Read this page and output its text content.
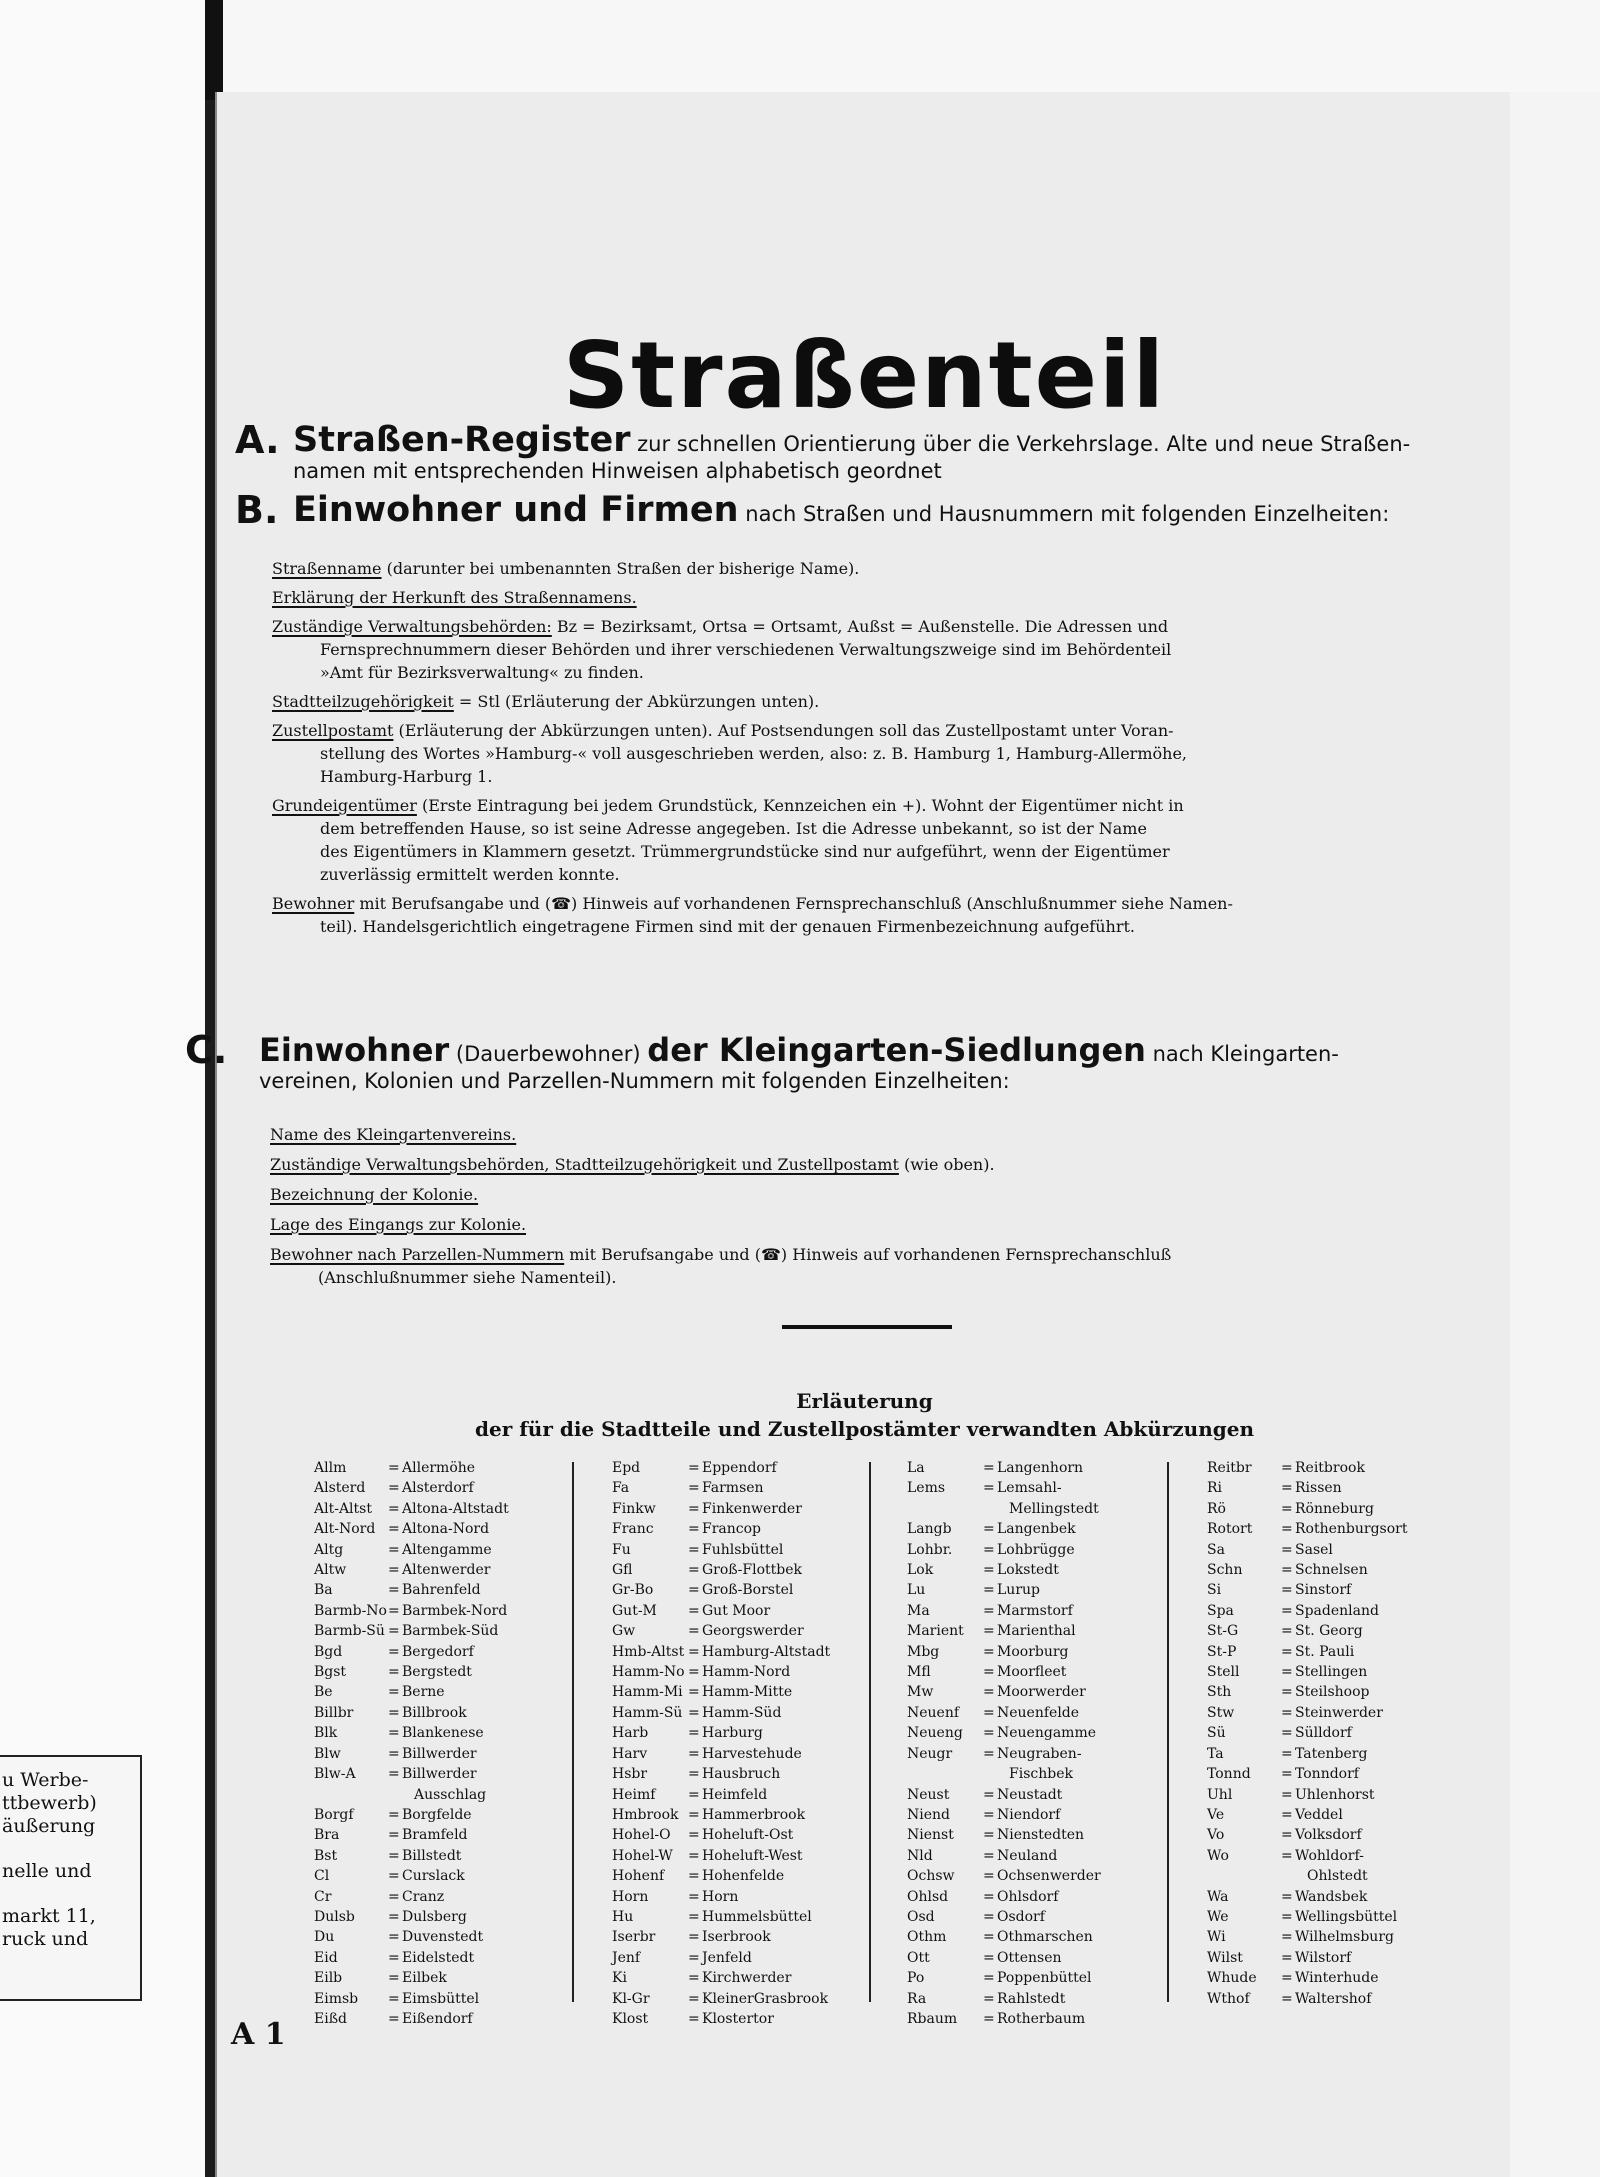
u Werbe-
ttbewerb)
äußerung
nelle und
markt 11,
ruck und
Straßenteil
A. Straßen-Register zur schnellen Orientierung über die Verkehrslage. Alte und neue Straßen-
namen mit entsprechenden Hinweisen alphabetisch geordnet
B. Einwohner und Firmen nach Straßen und Hausnummern mit folgenden Einzelheiten:
Straßenname (darunter bei umbenannten Straßen der bisherige Name).
Erklärung der Herkunft des Straßennamens.
Zuständige Verwaltungsbehörden: Bz = Bezirksamt, Ortsa = Ortsamt, Außst = Außenstelle. Die Adressen und
Fernsprechnummern dieser Behörden und ihrer verschiedenen Verwaltungszweige sind im Behördenteil
»Amt für Bezirksverwaltung« zu finden.
Stadtteilzugehörigkeit = Stl (Erläuterung der Abkürzungen unten).
Zustellpostamt (Erläuterung der Abkürzungen unten). Auf Postsendungen soll das Zustellpostamt unter Voran-
stellung des Wortes »Hamburg-« voll ausgeschrieben werden, also: z. B. Hamburg 1, Hamburg-Allermöhe,
Hamburg-Harburg 1.
Grundeigentümer (Erste Eintragung bei jedem Grundstück, Kennzeichen ein +). Wohnt der Eigentümer nicht in
dem betreffenden Hause, so ist seine Adresse angegeben. Ist die Adresse unbekannt, so ist der Name
des Eigentümers in Klammern gesetzt. Trümmergrundstücke sind nur aufgeführt, wenn der Eigentümer
zuverlässig ermittelt werden konnte.
Bewohner mit Berufsangabe und (☎) Hinweis auf vorhandenen Fernsprechanschluß (Anschlußnummer siehe Namen-
teil). Handelsgerichtlich eingetragene Firmen sind mit der genauen Firmenbezeichnung aufgeführt.
C. Einwohner (Dauerbewohner) der Kleingarten-Siedlungen nach Kleingarten-
vereinen, Kolonien und Parzellen-Nummern mit folgenden Einzelheiten:
Name des Kleingartenvereins.
Zuständige Verwaltungsbehörden, Stadtteilzugehörigkeit und Zustellpostamt (wie oben).
Bezeichnung der Kolonie.
Lage des Eingangs zur Kolonie.
Bewohner nach Parzellen-Nummern mit Berufsangabe und (☎) Hinweis auf vorhandenen Fernsprechanschluß
(Anschlußnummer siehe Namenteil).
Erläuterung
der für die Stadtteile und Zustellpostämter verwandten Abkürzungen
Allm	= Allermöhe
Alsterd	= Alsterdorf
Alt-Altst	= Altona-Altstadt
Alt-Nord = Altona-Nord
Altg	= Altengamme
Altw	= Altenwerder
Ba	= Bahrenfeld
Barmb-No = Barmbek-Nord
Barmb-Sü = Barmbek-Süd
Bgd	= Bergedorf
Bgst	= Bergstedt
Be	= Berne
Billbr	= Billbrook
Blk	= Blankenese
Blw	= Billwerder
Blw-A	= Billwerder
Ausschlag
Borgf	= Borgfelde
Bra	= Bramfeld
Bst	= Billstedt
Cl	= Curslack
Cr	= Cranz
Dulsb	= Dulsberg
Du	= Duvenstedt
Eid	= Eidelstedt
Eilb	= Eilbek
Eimsb	= Eimsbüttel
Eißd	= Eißendorf
Epd	= Eppendorf
Fa	= Farmsen
Finkw	= Finkenwerder
Franc	= Francop
Fu	= Fuhlsbüttel
Gfl	= Groß-Flottbek
Gr-Bo	= Groß-Borstel
Gut-M	= Gut Moor
Gw	= Georgswerder
Hmb-Altst = Hamburg-Altstadt
Hamm-No = Hamm-Nord
Hamm-Mi = Hamm-Mitte
Hamm-Sü = Hamm-Süd
Harb	= Harburg
Harv	= Harvestehude
Hsbr	= Hausbruch
Heimf	= Heimfeld
Hmbrook = Hammerbrook
Hohel-O	= Hoheluft-Ost
Hohel-W	= Hoheluft-West
Hohenf	= Hohenfelde
Horn	= Horn
Hu	= Hummelsbüttel
Iserbr	= Iserbrook
Jenf	= Jenfeld
Ki	= Kirchwerder
Kl-Gr	= KleinerGrasbrook
Klost	= Klostertor
La	= Langenhorn
Lems	= Lemsahl-
Mellingstedt
Langb	= Langenbek
Lohbr.	= Lohbrügge
Lok	= Lokstedt
Lu	= Lurup
Ma	= Marmstorf
Marient	= Marienthal
Mbg	= Moorburg
Mfl	= Moorfleet
Mw	= Moorwerder
Neuenf	= Neuenfelde
Neueng	= Neuengamme
Neugr	= Neugraben-
Fischbek
Neust	= Neustadt
Niend	= Niendorf
Nienst	= Nienstedten
Nld	= Neuland
Ochsw	= Ochsenwerder
Ohlsd	= Ohlsdorf
Osd	= Osdorf
Othm	= Othmarschen
Ott	= Ottensen
Po	= Poppenbüttel
Ra	= Rahlstedt
Rbaum	= Rotherbaum
Reitbr	= Reitbrook
Ri	= Rissen
Rö	= Rönneburg
Rotort	= Rothenburgsort
Sa	= Sasel
Schn	= Schnelsen
Si	= Sinstorf
Spa	= Spadenland
St-G	= St. Georg
St-P	= St. Pauli
Stell	= Stellingen
Sth	= Steilshoop
Stw	= Steinwerder
Sü	= Sülldorf
Ta	= Tatenberg
Tonnd	= Tonndorf
Uhl	= Uhlenhorst
Ve	= Veddel
Vo	= Volksdorf
Wo	= Wohldorf-
Ohlstedt
Wa	= Wandsbek
We	= Wellingsbüttel
Wi	= Wilhelmsburg
Wilst	= Wilstorf
Whude	= Winterhude
Wthof	= Waltershof
A 1
